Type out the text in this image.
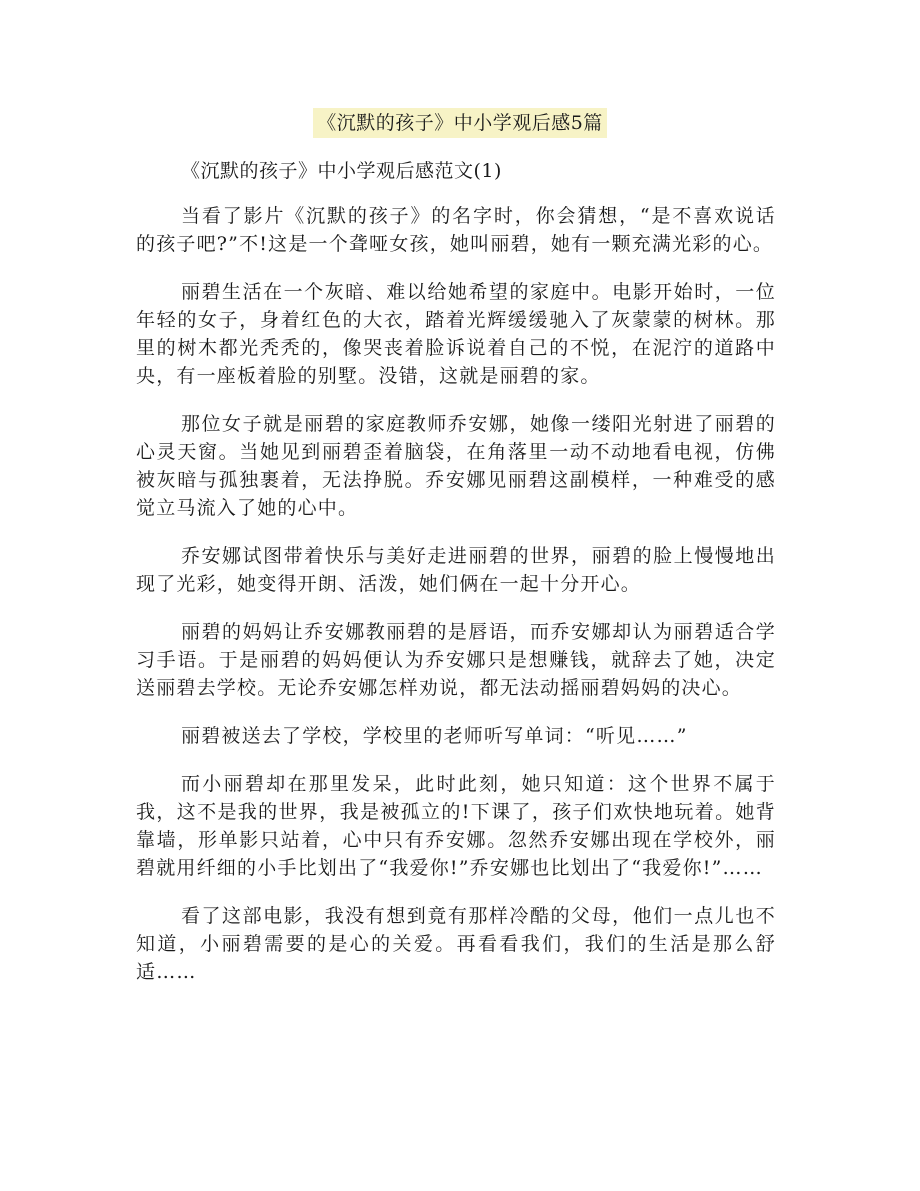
《沉默的孩子》中小学观后感5篇
《沉默的孩子》中小学观后感范文(1)

当看了影片《沉默的孩子》的名字时，你会猜想，“是不喜欢说话的孩子吧?”不!这是一个聋哑女孩，她叫丽碧，她有一颗充满光彩的心。

丽碧生活在一个灰暗、难以给她希望的家庭中。电影开始时，一位年轻的女子，身着红色的大衣，踏着光辉缓缓驰入了灰蒙蒙的树林。那里的树木都光秃秃的，像哭丧着脸诉说着自己的不悦，在泥泞的道路中央，有一座板着脸的别墅。没错，这就是丽碧的家。

那位女子就是丽碧的家庭教师乔安娜，她像一缕阳光射进了丽碧的心灵天窗。当她见到丽碧歪着脑袋，在角落里一动不动地看电视，仿佛被灰暗与孤独裹着，无法挣脱。乔安娜见丽碧这副模样，一种难受的感觉立马流入了她的心中。

乔安娜试图带着快乐与美好走进丽碧的世界，丽碧的脸上慢慢地出现了光彩，她变得开朗、活泼，她们俩在一起十分开心。

丽碧的妈妈让乔安娜教丽碧的是唇语，而乔安娜却认为丽碧适合学习手语。于是丽碧的妈妈便认为乔安娜只是想赚钱，就辞去了她，决定送丽碧去学校。无论乔安娜怎样劝说，都无法动摇丽碧妈妈的决心。

丽碧被送去了学校，学校里的老师听写单词：“听见……”

而小丽碧却在那里发呆，此时此刻，她只知道：这个世界不属于我，这不是我的世界，我是被孤立的!下课了，孩子们欢快地玩着。她背靠墙，形单影只站着，心中只有乔安娜。忽然乔安娜出现在学校外，丽碧就用纤细的小手比划出了“我爱你!”乔安娜也比划出了“我爱你!”……

看了这部电影，我没有想到竟有那样冷酷的父母，他们一点儿也不知道，小丽碧需要的是心的关爱。再看看我们，我们的生活是那么舒适……
